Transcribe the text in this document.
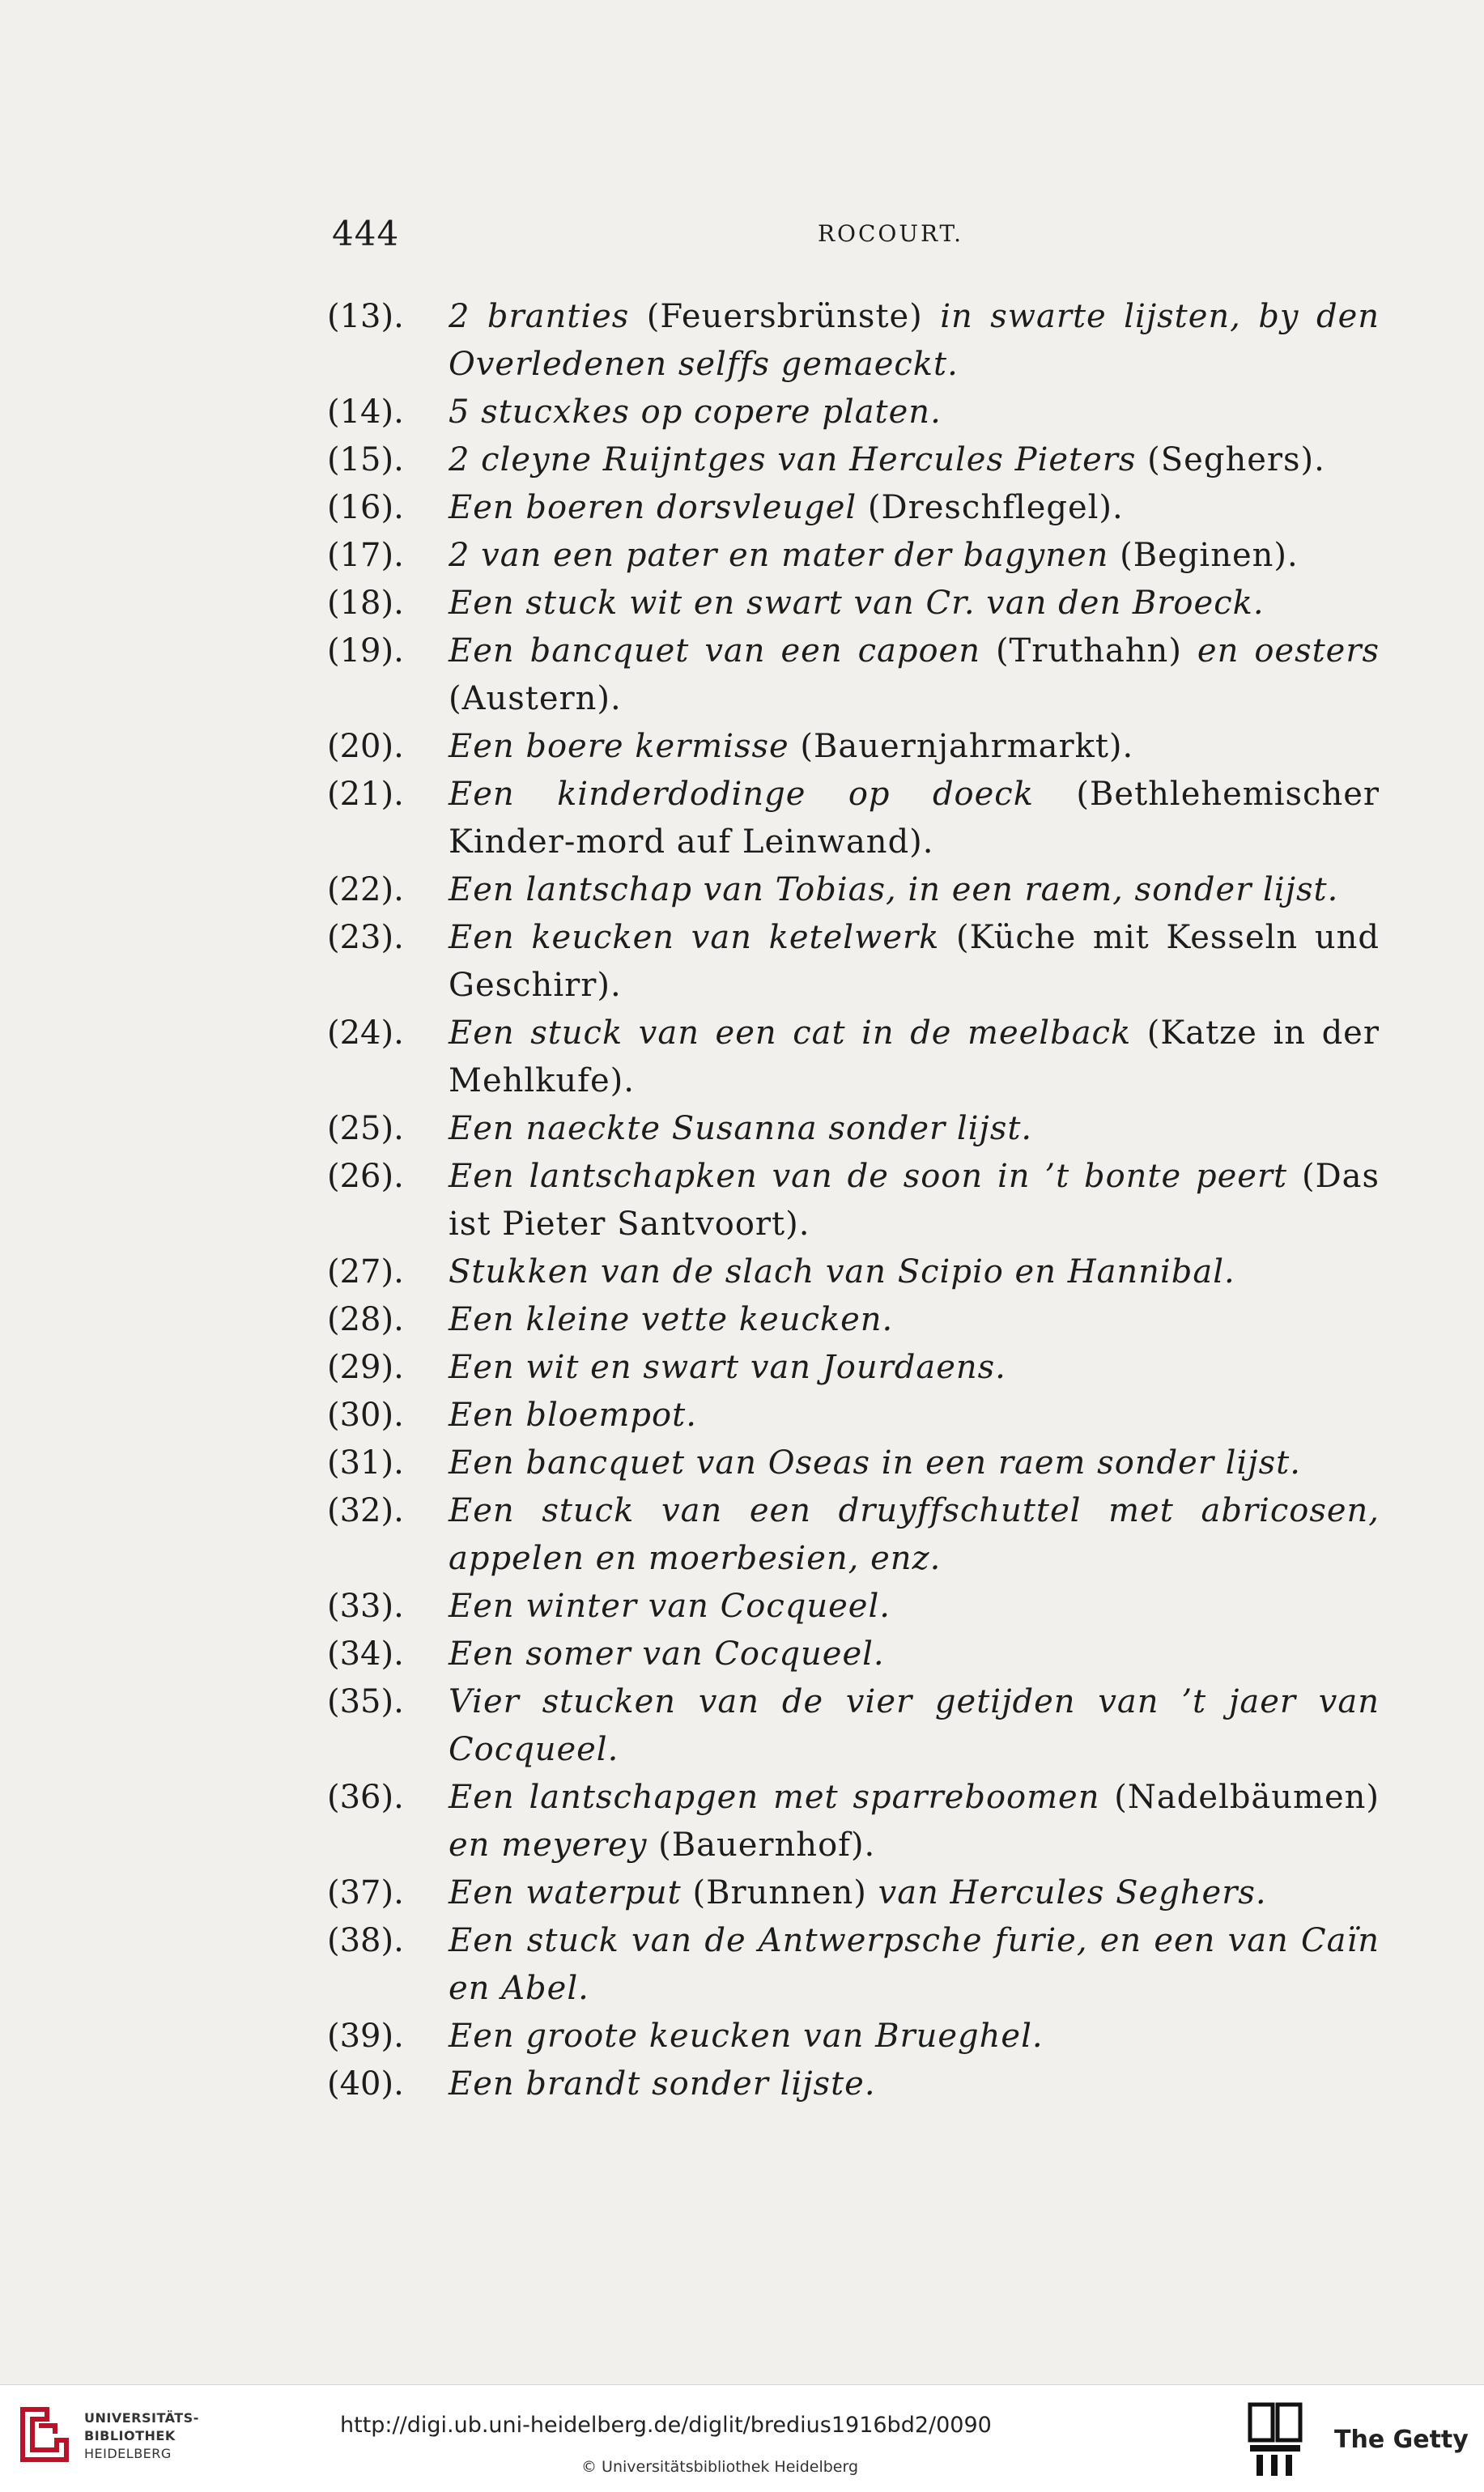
444	ROCOURT.
(13).	2 branties (Feuersbrünste) in swarte lijsten, by den Overledenen selffs gemaeckt.
(14).	5 stucxkes op copere platen.
(15).	2 cleyne Ruijntges van Hercules Pieters (Seghers).
(16).	Een boeren dorsvleugel (Dreschflegel).
(17).	2 van een pater en mater der bagynen (Beginen).
(18).	Een stuck wit en swart van Cr. van den Broeck.
(19).	Een bancquet van een capoen (Truthahn) en oesters (Austern).
(20).	Een boere kermisse (Bauernjahrmarkt).
(21).	Een kinderdodinge op doeck (Bethlehemischer Kinder-mord auf Leinwand).
(22).	Een lantschap van Tobias, in een raem, sonder lijst.
(23).	Een keucken van ketelwerk (Küche mit Kesseln und Geschirr).
(24).	Een stuck van een cat in de meelback (Katze in der Mehlkufe).
(25).	Een naeckte Susanna sonder lijst.
(26).	Een lantschapken van de soon in ’t bonte peert (Das ist Pieter Santvoort).
(27).	Stukken van de slach van Scipio en Hannibal.
(28).	Een kleine vette keucken.
(29).	Een wit en swart van Jourdaens.
(30).	Een bloempot.
(31).	Een bancquet van Oseas in een raem sonder lijst.
(32).	Een stuck van een druyffschuttel met abricosen, appelen en moerbesien, enz.
(33).	Een winter van Cocqueel.
(34).	Een somer van Cocqueel.
(35).	Vier stucken van de vier getijden van ’t jaer van Cocqueel.
(36).	Een lantschapgen met sparreboomen (Nadelbäumen) en meyerey (Bauernhof).
(37).	Een waterput (Brunnen) van Hercules Seghers.
(38).	Een stuck van de Antwerpsche furie, en een van Caïn en Abel.
(39).	Een groote keucken van Brueghel.
(40).	Een brandt sonder lijste.
UNIVERSITÄTS-
BIBLIOTHEK
HEIDELBERG
http://digi.ub.uni-heidelberg.de/diglit/bredius1916bd2/0090
© Universitätsbibliothek Heidelberg
The Getty
